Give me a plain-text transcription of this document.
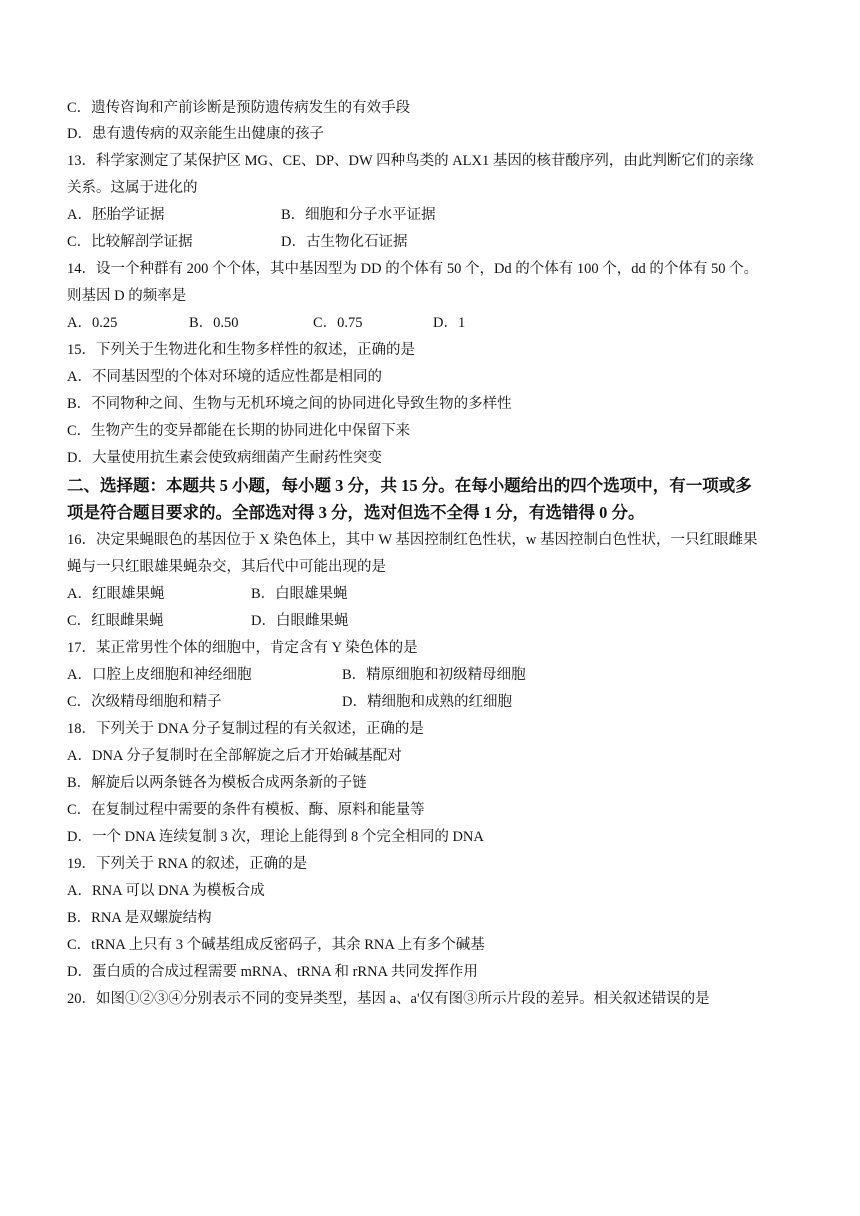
C．遗传咨询和产前诊断是预防遗传病发生的有效手段
D．患有遗传病的双亲能生出健康的孩子
13．科学家测定了某保护区 MG、CE、DP、DW 四种鸟类的 ALX1 基因的核苷酸序列，由此判断它们的亲缘
关系。这属于进化的
A．胚胎学证据	B．细胞和分子水平证据
C．比较解剖学证据	D．古生物化石证据
14．设一个种群有 200 个个体，其中基因型为 DD 的个体有 50 个，Dd 的个体有 100 个，dd 的个体有 50 个。
则基因 D 的频率是
A．0.25	B．0.50	C．0.75	D．1
15．下列关于生物进化和生物多样性的叙述，正确的是
A．不同基因型的个体对环境的适应性都是相同的
B．不同物种之间、生物与无机环境之间的协同进化导致生物的多样性
C．生物产生的变异都能在长期的协同进化中保留下来
D．大量使用抗生素会使致病细菌产生耐药性突变
二、选择题：本题共 5 小题，每小题 3 分，共 15 分。在每小题给出的四个选项中，有一项或多
项是符合题目要求的。全部选对得 3 分，选对但选不全得 1 分，有选错得 0 分。
16．决定果蝇眼色的基因位于 X 染色体上，其中 W 基因控制红色性状，w 基因控制白色性状，一只红眼雌果
蝇与一只红眼雄果蝇杂交，其后代中可能出现的是
A．红眼雄果蝇	B．白眼雄果蝇
C．红眼雌果蝇	D．白眼雌果蝇
17．某正常男性个体的细胞中，肯定含有 Y 染色体的是
A．口腔上皮细胞和神经细胞	B．精原细胞和初级精母细胞
C．次级精母细胞和精子	D．精细胞和成熟的红细胞
18．下列关于 DNA 分子复制过程的有关叙述，正确的是
A．DNA 分子复制时在全部解旋之后才开始碱基配对
B．解旋后以两条链各为模板合成两条新的子链
C．在复制过程中需要的条件有模板、酶、原料和能量等
D．一个 DNA 连续复制 3 次，理论上能得到 8 个完全相同的 DNA
19．下列关于 RNA 的叙述，正确的是
A．RNA 可以 DNA 为模板合成
B．RNA 是双螺旋结构
C．tRNA 上只有 3 个碱基组成反密码子，其余 RNA 上有多个碱基
D．蛋白质的合成过程需要 mRNA、tRNA 和 rRNA 共同发挥作用
20．如图①②③④分别表示不同的变异类型，基因 a、a'仅有图③所示片段的差异。相关叙述错误的是
